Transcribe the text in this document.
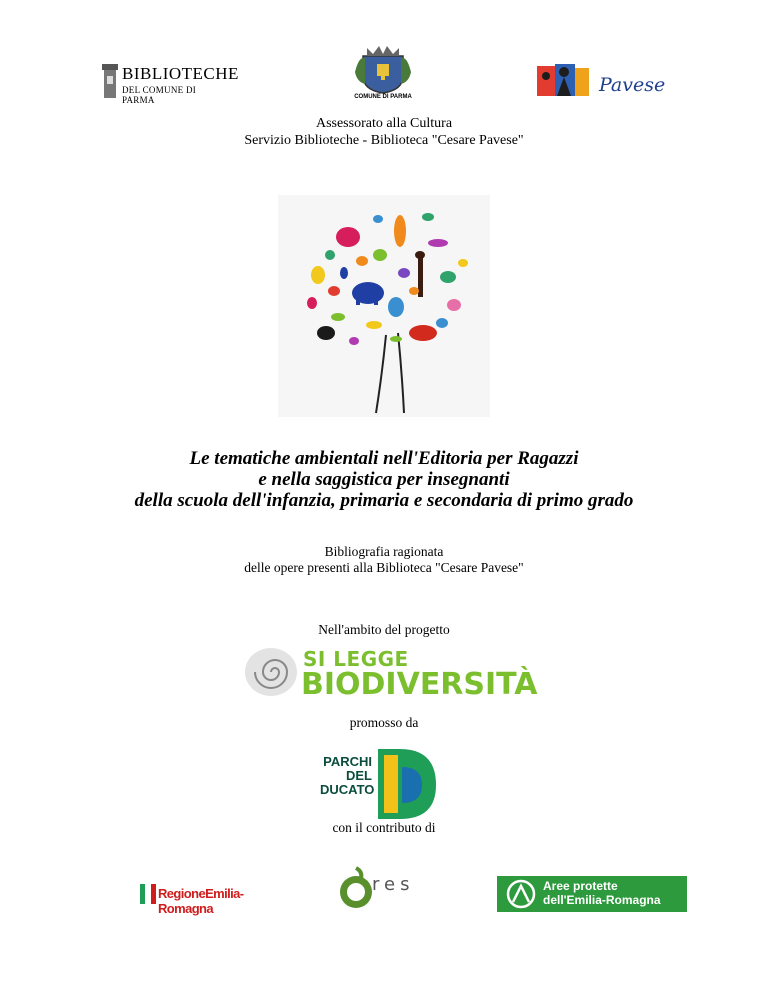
BIBLIOTECHE
DEL COMUNE DI PARMA	COMUNE DI PARMA
Pavese
Assessorato alla Cultura
Servizio Biblioteche - Biblioteca "Cesare Pavese"
Le tematiche ambientali nell'Editoria per Ragazzi
e nella saggistica per insegnanti
della scuola dell'infanzia, primaria e secondaria di primo grado
Bibliografia ragionata
delle opere presenti alla Biblioteca "Cesare Pavese"
Nell'ambito del progetto
SI LEGGE
BIODIVERSITÀ
promosso da
PARCHI
DEL
DUCATO
con il contributo di
RegioneEmilia-Romagna
res	Aree protette
dell'Emilia-Romagna
